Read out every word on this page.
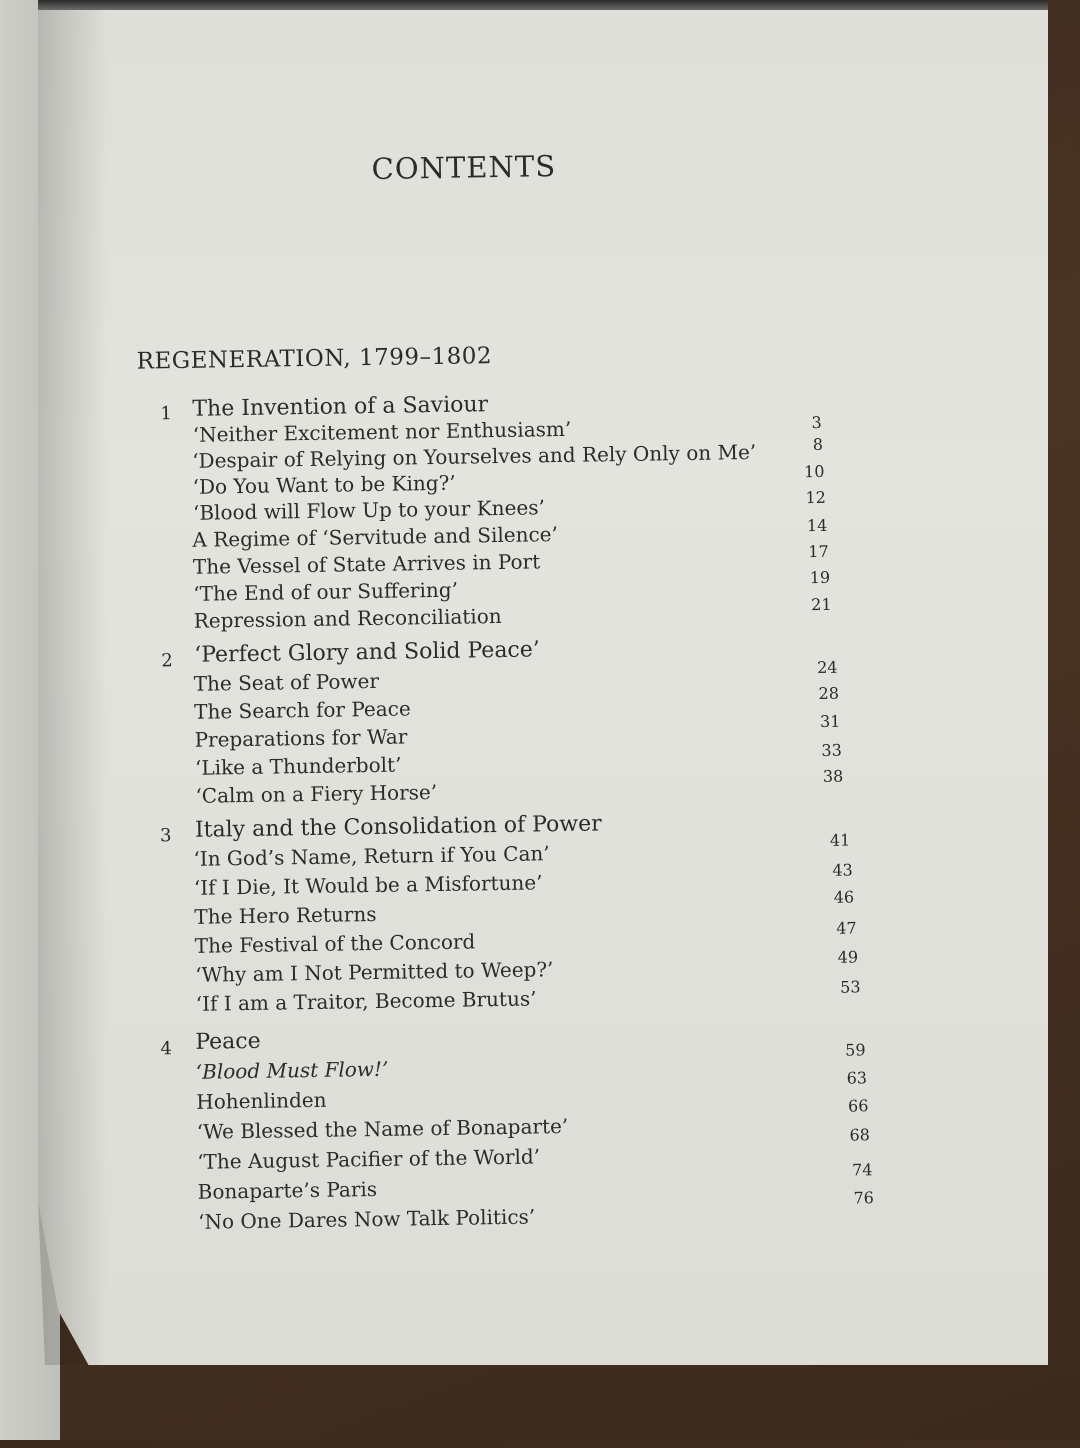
CONTENTS
REGENERATION, 1799–1802
1 The Invention of a Saviour
‘Neither Excitement nor Enthusiasm’
‘Despair of Relying on Yourselves and Rely Only on Me’
‘Do You Want to be King?’
‘Blood will Flow Up to your Knees’
A Regime of ‘Servitude and Silence’
The Vessel of State Arrives in Port
‘The End of our Suffering’
Repression and Reconciliation
3
8
10
12
14
17
19
21
2 ‘Perfect Glory and Solid Peace’
The Seat of Power
The Search for Peace
Preparations for War
‘Like a Thunderbolt’
‘Calm on a Fiery Horse’
24
28
31
33
38
3 Italy and the Consolidation of Power
‘In God’s Name, Return if You Can’
‘If I Die, It Would be a Misfortune’
The Hero Returns
The Festival of the Concord
‘Why am I Not Permitted to Weep?’
‘If I am a Traitor, Become Brutus’
41
43
46
47
49
53
4 Peace
‘Blood Must Flow!’
Hohenlinden
‘We Blessed the Name of Bonaparte’
‘The August Pacifier of the World’
Bonaparte’s Paris
‘No One Dares Now Talk Politics’
59
63
66
68
74
76
